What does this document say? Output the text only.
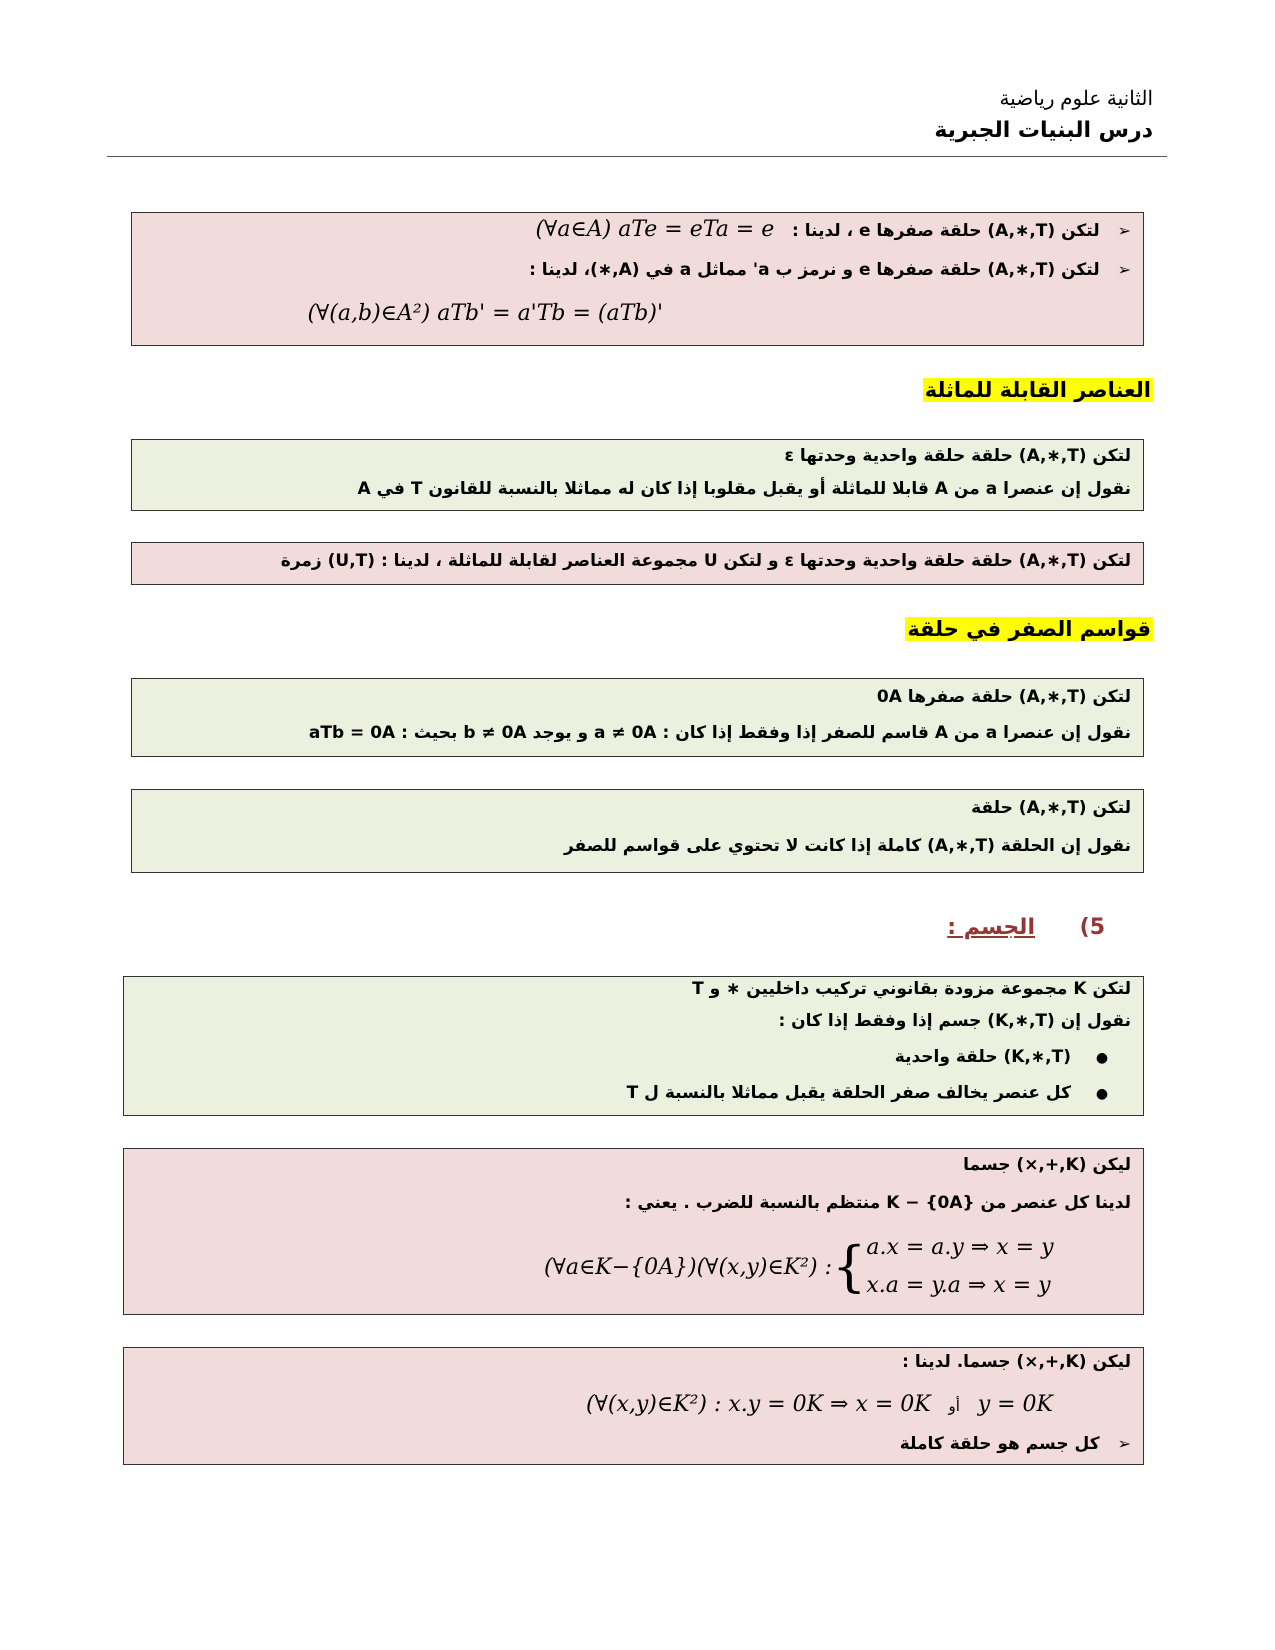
الثانية علوم رياضية
درس البنيات الجبرية
➢لتكن (A,∗,T) حلقة صفرها e ، لدينا :   (∀a∈A) aTe = eTa = e
➢لتكن (A,∗,T) حلقة صفرها e و نرمز ب a' مماثل a في (A,∗)، لدينا :
(∀(a,b)∈A²) aTb' = a'Tb = (aTb)'
العناصر القابلة للماثلة
لتكن (A,∗,T) حلقة حلقة واحدية وحدتها ε
نقول إن عنصرا a من A قابلا للماثلة أو يقبل مقلوبا إذا كان له مماثلا بالنسبة للقانون T في A
لتكن (A,∗,T) حلقة حلقة واحدية وحدتها ε و لتكن U مجموعة العناصر لقابلة للماثلة ، لدينا : (U,T) زمرة
قواسم الصفر في حلقة
لتكن (A,∗,T) حلقة صفرها 0A
نقول إن عنصرا a من A قاسم للصفر إذا وفقط إذا كان : a ≠ 0A و يوجد b ≠ 0A بحيث : aTb = 0A
لتكن (A,∗,T) حلقة
نقول إن الحلقة (A,∗,T) كاملة إذا كانت لا تحتوي على قواسم للصفر
الجسم : 5)
لتكن K مجموعة مزودة بقانوني تركيب داخليين ∗ و T
نقول إن (K,∗,T) جسم إذا وفقط إذا كان :
●(K,∗,T) حلقة واحدية
●كل عنصر يخالف صفر الحلقة يقبل مماثلا بالنسبة ل T
ليكن (K,+,×) جسما
لدينا كل عنصر من K − {0A} منتظم بالنسبة للضرب . يعني :
(∀a∈K−{0A})(∀(x,y)∈K²) : { a.x = a.y ⇒ x = y
x.a = y.a ⇒ x = y
ليكن (K,+,×) جسما. لدينا :
(∀(x,y)∈K²) : x.y = 0K ⇒ x = 0K أو y = 0K
➢كل جسم هو حلقة كاملة
